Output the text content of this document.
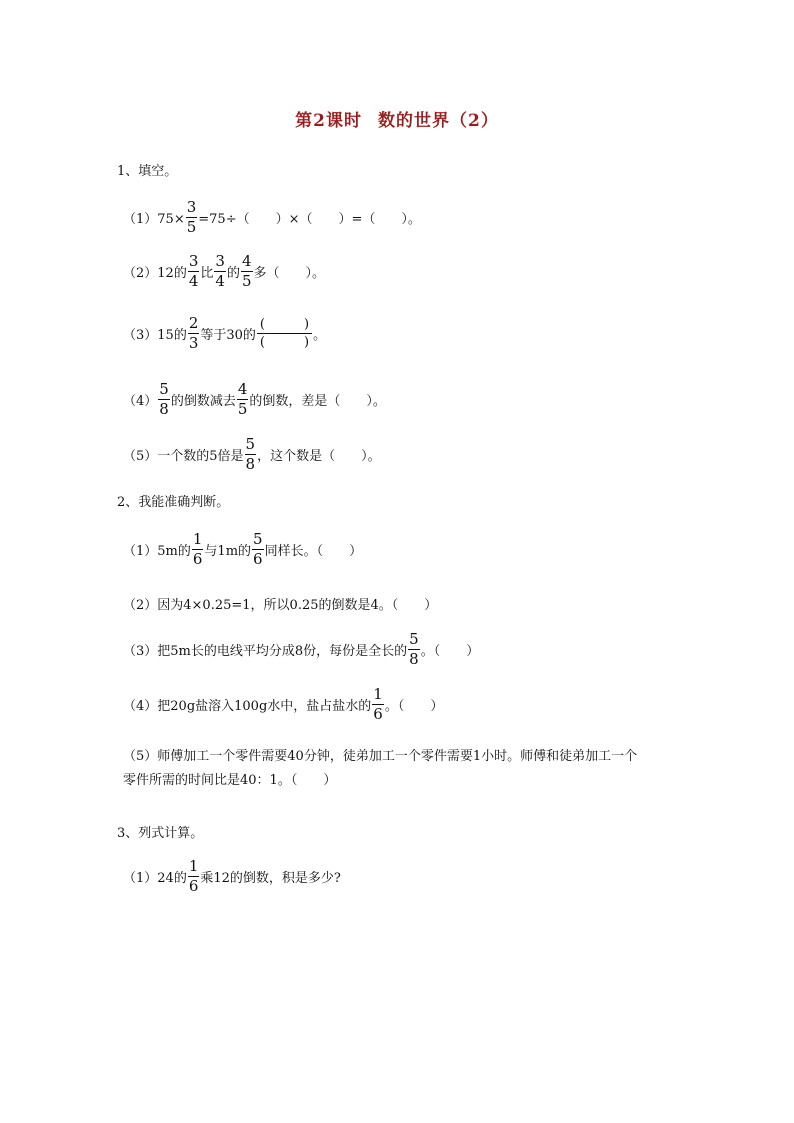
第2课时 数的世界（2）
1、填空。
$(1)75\times \frac{3}{5} =75\div$（　　）×（　　）=（　　）。
（2）12的 $\frac{3}{4}$ 比 $\frac{3}{4}$ 的 $\frac{4}{5}$ 多（　　）。
（3）15的 $\frac{2}{3}$ 等于30的 $\frac{( )}{( )}$ 。
$(4) \frac{5}{8}$ 的倒数减去 $\frac{4}{5}$ 的倒数，差是（　　）。
（5）一个数的5倍是 $\frac{5}{8}$ ，这个数是（　　）。
2、我能准确判断。
（1）5m的 $\frac{1}{6}$ 与1m的 $\frac{5}{6}$ 同样长。（　　）
（2）因为4×0.25=1，所以0.25的倒数是4。（　　）
（3）把5m长的电线平均分成8份，每份是全长的 $\frac{5}{8}$ 。（　　）
（4）把20g盐溶入100g水中，盐占盐水的 $\frac{1}{6}$ 。（　　）
（5）师傅加工一个零件需要40分钟，徒弟加工一个零件需要1小时。师傅和徒弟加工一个
零件所需的时间比是40：1。（　　）
3、列式计算。
（1）24的 $\frac{1}{6}$ 乘12的倒数，积是多少?
